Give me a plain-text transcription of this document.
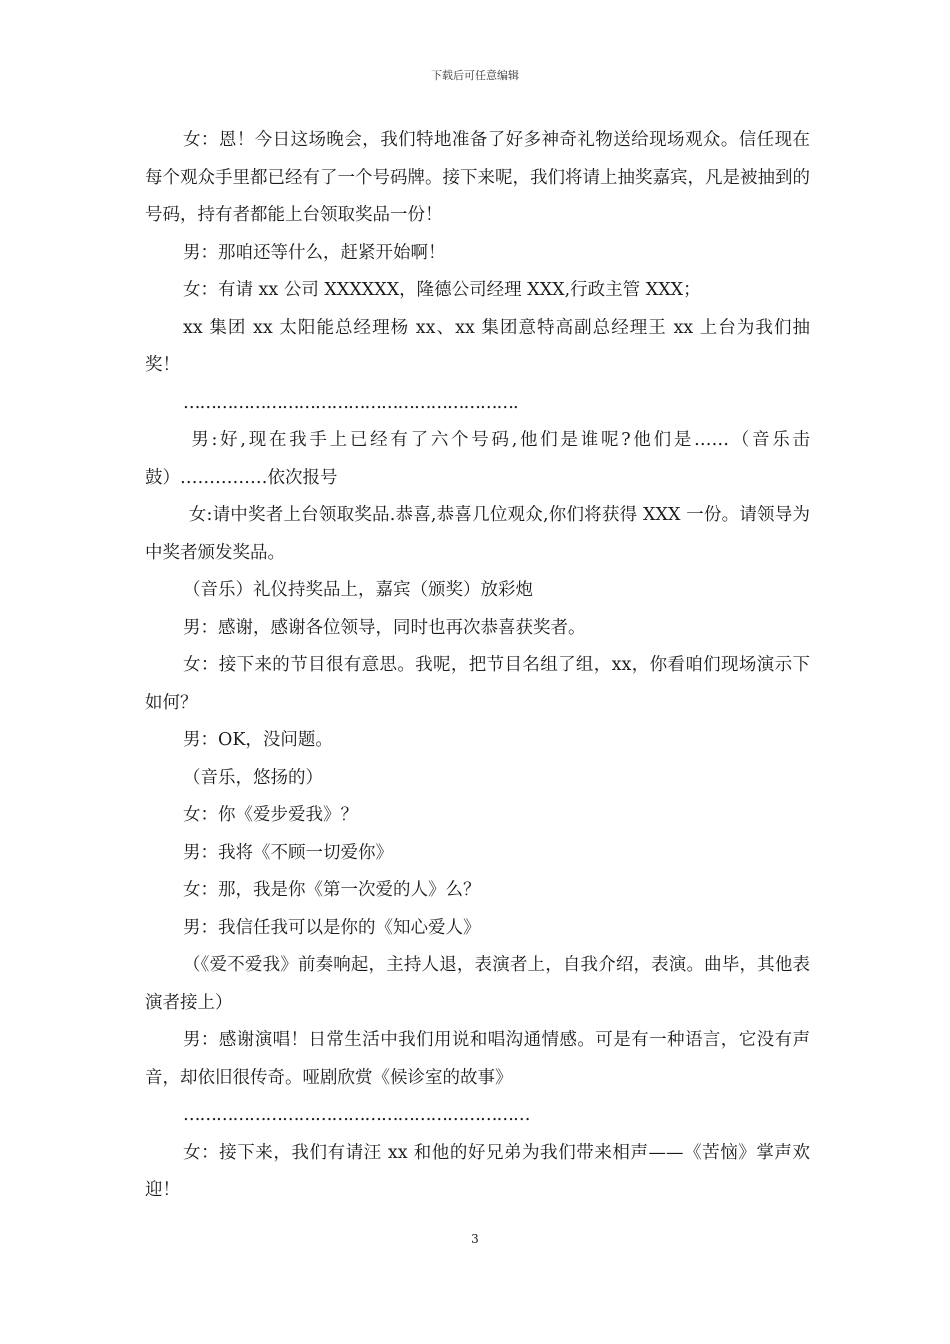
下载后可任意编辑

女：恩！今日这场晚会，我们特地准备了好多神奇礼物送给现场观众。信任现在每个观众手里都已经有了一个号码牌。接下来呢，我们将请上抽奖嘉宾，凡是被抽到的号码，持有者都能上台领取奖品一份！

男：那咱还等什么，赶紧开始啊！

女：有请 xx 公司 XXXXXX，隆德公司经理 XXX,行政主管 XXX；

xx 集团 xx 太阳能总经理杨 xx、xx 集团意特高副总经理王 xx 上台为我们抽奖！

…………………………………………………….

男:好,现在我手上已经有了六个号码,他们是谁呢?他们是……（音乐击鼓）……………依次报号

女:请中奖者上台领取奖品.恭喜,恭喜几位观众,你们将获得 XXX 一份。请领导为中奖者颁发奖品。

（音乐）礼仪持奖品上，嘉宾（颁奖）放彩炮

男：感谢，感谢各位领导，同时也再次恭喜获奖者。

女：接下来的节目很有意思。我呢，把节目名组了组，xx，你看咱们现场演示下如何？

男：OK，没问题。

（音乐，悠扬的）

女：你《爱步爱我》？

男：我将《不顾一切爱你》

女：那，我是你《第一次爱的人》么？

男：我信任我可以是你的《知心爱人》

（《爱不爱我》前奏响起，主持人退，表演者上，自我介绍，表演。曲毕，其他表演者接上）

男：感谢演唱！日常生活中我们用说和唱沟通情感。可是有一种语言，它没有声音，却依旧很传奇。哑剧欣赏《候诊室的故事》

………………………………………………………

女：接下来，我们有请汪 xx 和他的好兄弟为我们带来相声——《苦恼》掌声欢迎！

3
